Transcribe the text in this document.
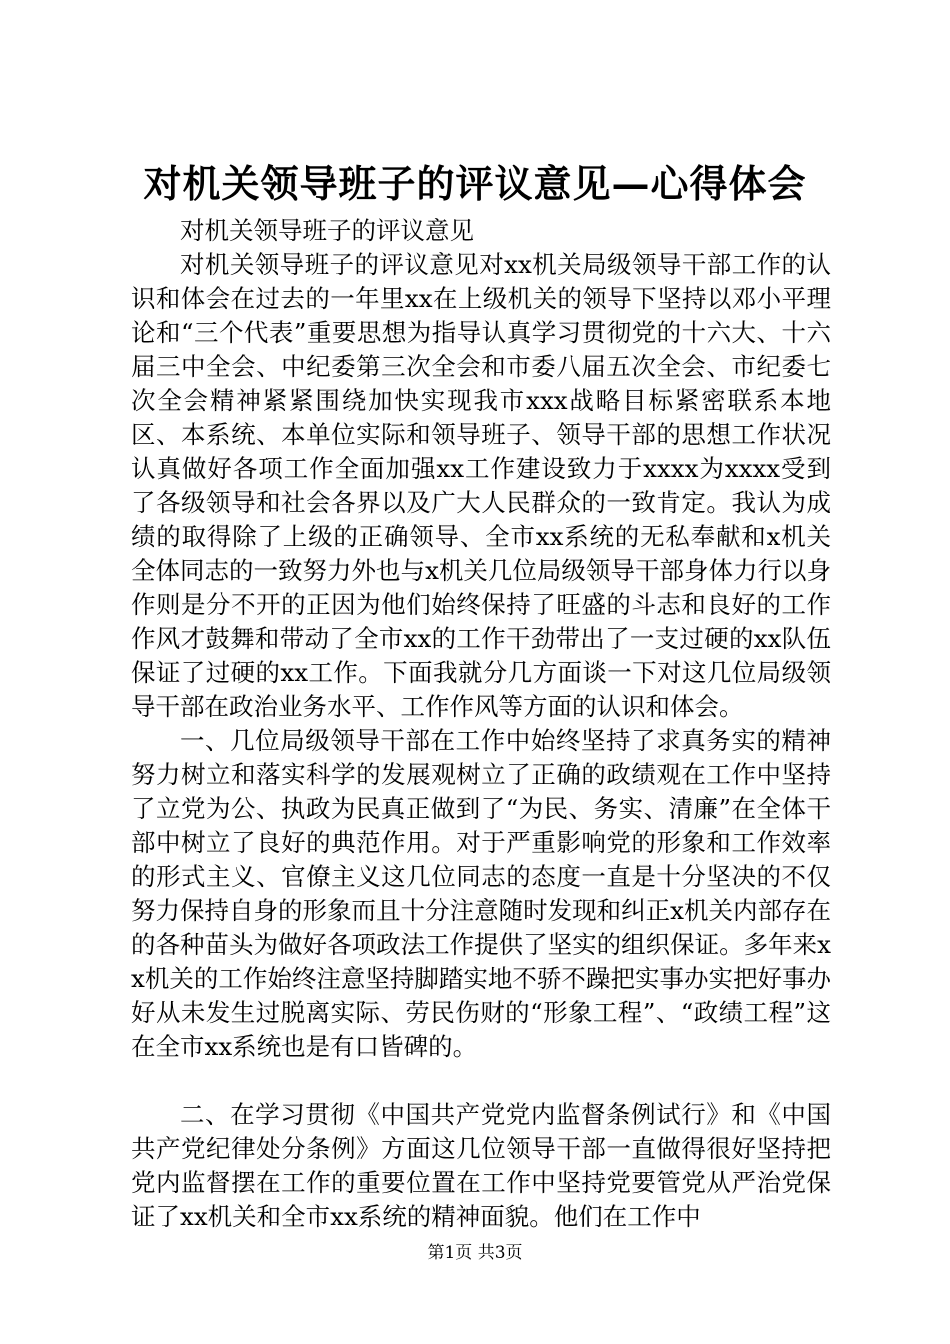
对机关领导班子的评议意见—心得体会

对机关领导班子的评议意见

对机关领导班子的评议意见对xx机关局级领导干部工作的认识和体会在过去的一年里xx在上级机关的领导下坚持以邓小平理论和“三个代表”重要思想为指导认真学习贯彻党的十六大、十六届三中全会、中纪委第三次全会和市委八届五次全会、市纪委七次全会精神紧紧围绕加快实现我市xxx战略目标紧密联系本地区、本系统、本单位实际和领导班子、领导干部的思想工作状况认真做好各项工作全面加强xx工作建设致力于xxxx为xxxx受到了各级领导和社会各界以及广大人民群众的一致肯定。我认为成绩的取得除了上级的正确领导、全市xx系统的无私奉献和x机关全体同志的一致努力外也与x机关几位局级领导干部身体力行以身作则是分不开的正因为他们始终保持了旺盛的斗志和良好的工作作风才鼓舞和带动了全市xx的工作干劲带出了一支过硬的xx队伍保证了过硬的xx工作。下面我就分几方面谈一下对这几位局级领导干部在政治业务水平、工作作风等方面的认识和体会。

一、几位局级领导干部在工作中始终坚持了求真务实的精神努力树立和落实科学的发展观树立了正确的政绩观在工作中坚持了立党为公、执政为民真正做到了“为民、务实、清廉”在全体干部中树立了良好的典范作用。对于严重影响党的形象和工作效率的形式主义、官僚主义这几位同志的态度一直是十分坚决的不仅努力保持自身的形象而且十分注意随时发现和纠正x机关内部存在的各种苗头为做好各项政法工作提供了坚实的组织保证。多年来xx机关的工作始终注意坚持脚踏实地不骄不躁把实事办实把好事办好从未发生过脱离实际、劳民伤财的“形象工程”、“政绩工程”这在全市xx系统也是有口皆碑的。

二、在学习贯彻《中国共产党党内监督条例试行》和《中国共产党纪律处分条例》方面这几位领导干部一直做得很好坚持把党内监督摆在工作的重要位置在工作中坚持党要管党从严治党保证了xx机关和全市xx系统的精神面貌。他们在工作中

第1页 共3页
